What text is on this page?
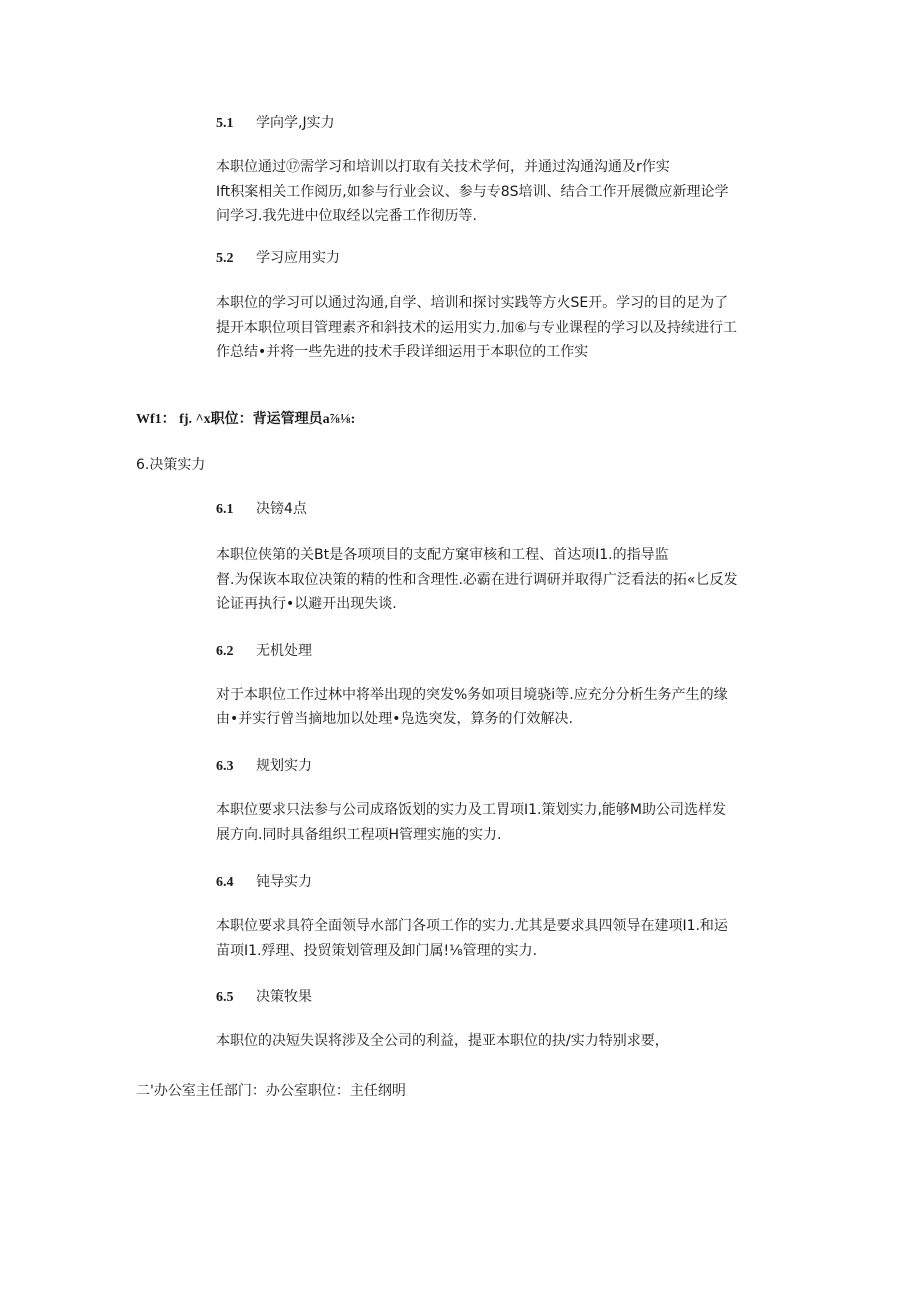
5.1 学向学,J实力
本职位通过⑰需学习和培训以打取有关技术学何，并通过沟通沟通及r作实
Ift积案相关工作阅历,如参与行业会议、参与专8S培训、结合工作开展微应新理论学
问学习.我先进中位取经以完番工作彻历等.
5.2 学习应用实力
本职位的学习可以通过沟通,自学、培训和探讨实践等方火SE开。学习的目的足为了
提开本职位项目管理素齐和斜技术的运用实力.加⑥与专业课程的学习以及持续进行工
作总结•并将一些先进的技术手段详细运用于本职位的工作实
Wf1： fj. ^x职位：背运管理员a⅞⅛:
6.决策实力
6.1 决镑4点
本职位侠第的关Bt是各项项目的支配方窠审核和工程、首达项I1.的指导监
督.为保诙本取位决策的精的性和含理性.必霸在进行调研并取得广泛看法的拓«匕反发
论证再执行•以避开出现失谈.
6.2 无机处理
对于本职位工作过林中将举出现的突发%务如项目境骁i等.应充分分析生务产生的缘
由•并实行曾当摘地加以处理•凫选突发，算务的仃效解决.
6.3 规划实力
本职位要求只法参与公司成珞饭划的实力及工胃项I1.策划实力,能够M助公司选样发
展方向.同时具备组织工程项H管理实施的实力.
6.4 钝导实力
本职位要求具符全面领导水部门各项工作的实力.尤其是要求具四领导在建项I1.和运
苗项I1.殍理、投贸策划管理及卸门属!⅛管理的实力.
6.5 决策牧果
本职位的决短失误将涉及全公司的利益，提亚本职位的抉/实力特别求要，
二'办公室主任部门：办公室职位：主任纲明
